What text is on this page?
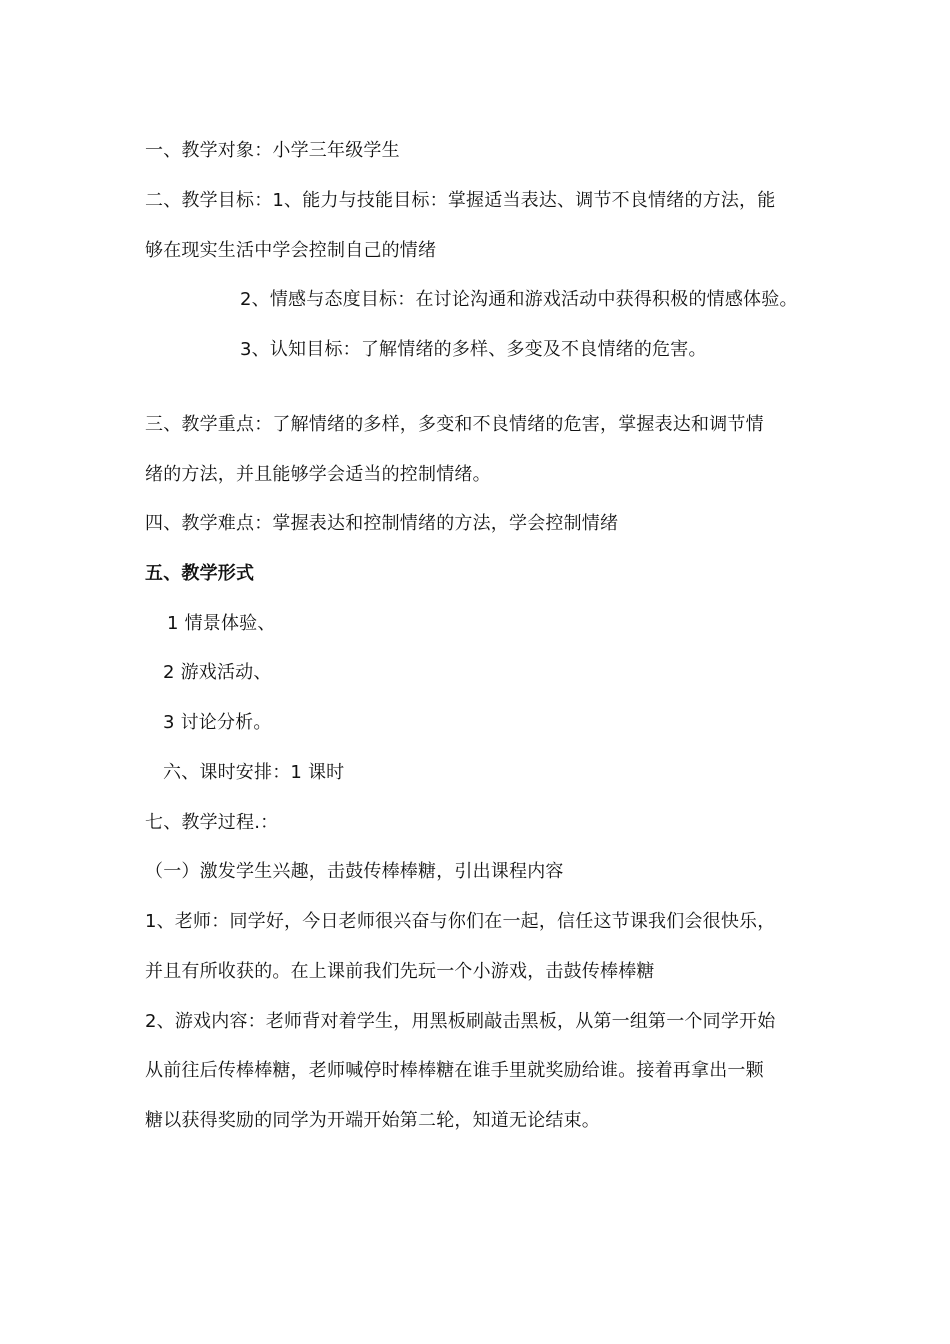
一、教学对象：小学三年级学生
二、教学目标：1、能力与技能目标：掌握适当表达、调节不良情绪的方法，能
够在现实生活中学会控制自己的情绪
2、情感与态度目标：在讨论沟通和游戏活动中获得积极的情感体验。
3、认知目标：了解情绪的多样、多变及不良情绪的危害。
三、教学重点：了解情绪的多样，多变和不良情绪的危害，掌握表达和调节情
绪的方法，并且能够学会适当的控制情绪。
四、教学难点：掌握表达和控制情绪的方法，学会控制情绪
五、教学形式
1 情景体验、
2 游戏活动、
3 讨论分析。
六、课时安排：1 课时
七、教学过程.：
（一）激发学生兴趣，击鼓传棒棒糖，引出课程内容
1、老师：同学好，今日老师很兴奋与你们在一起，信任这节课我们会很快乐，
并且有所收获的。在上课前我们先玩一个小游戏，击鼓传棒棒糖
2、游戏内容：老师背对着学生，用黑板刷敲击黑板，从第一组第一个同学开始
从前往后传棒棒糖，老师喊停时棒棒糖在谁手里就奖励给谁。接着再拿出一颗
糖以获得奖励的同学为开端开始第二轮，知道无论结束。
